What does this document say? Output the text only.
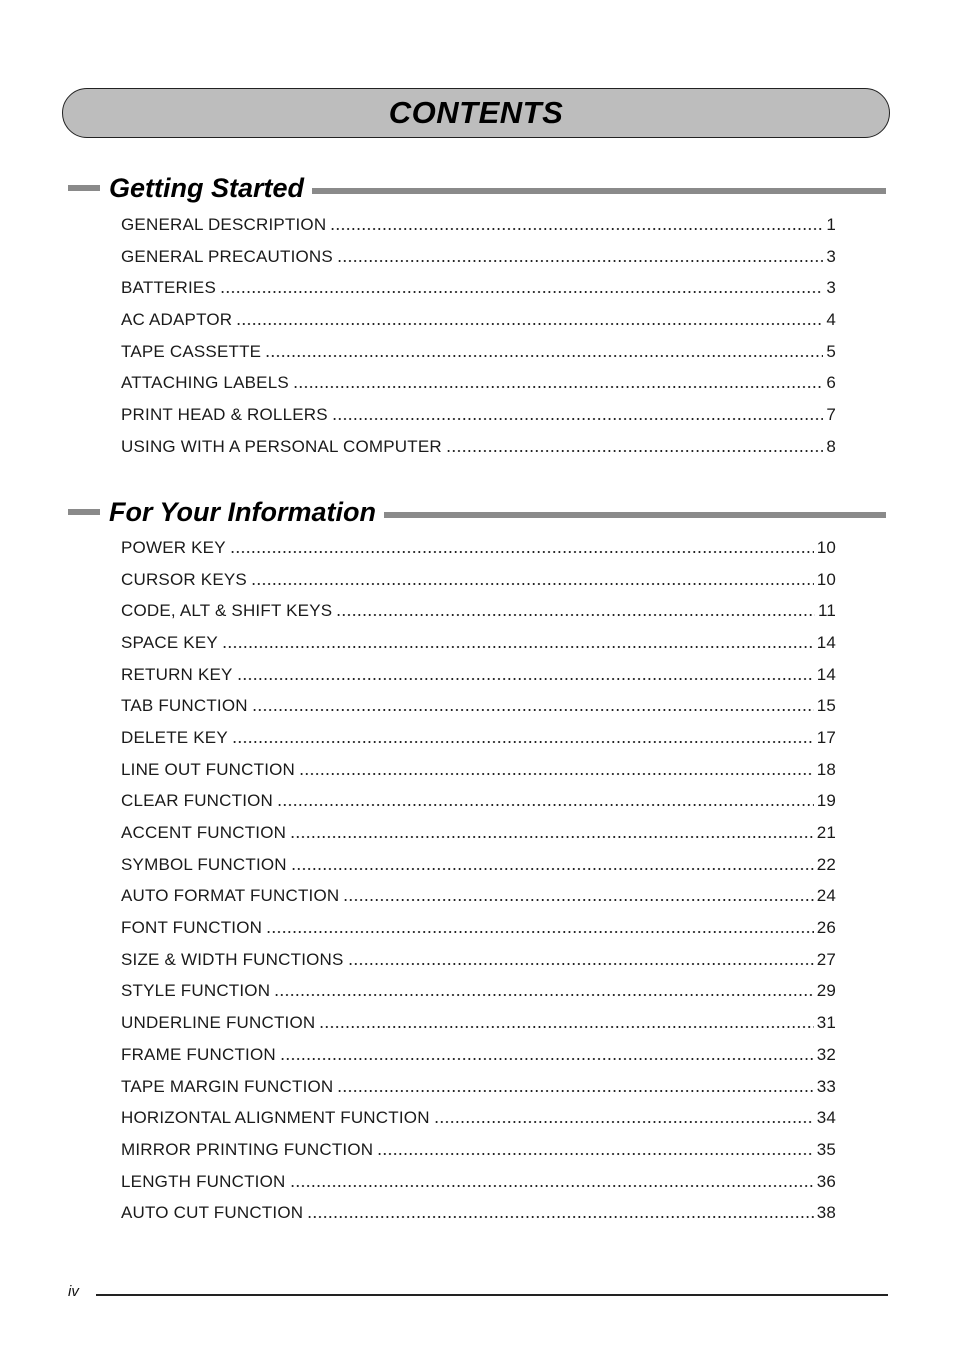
CONTENTS
Getting Started
GENERAL DESCRIPTION	1
GENERAL PRECAUTIONS	3
BATTERIES	3
AC ADAPTOR	4
TAPE CASSETTE	5
ATTACHING LABELS	6
PRINT HEAD & ROLLERS	7
USING WITH A PERSONAL COMPUTER	8
For Your Information
POWER KEY	10
CURSOR KEYS	10
CODE, ALT & SHIFT KEYS	11
SPACE KEY	14
RETURN KEY	14
TAB FUNCTION	15
DELETE KEY	17
LINE OUT FUNCTION	18
CLEAR FUNCTION	19
ACCENT FUNCTION	21
SYMBOL FUNCTION	22
AUTO FORMAT FUNCTION	24
FONT FUNCTION	26
SIZE & WIDTH FUNCTIONS	27
STYLE FUNCTION	29
UNDERLINE FUNCTION	31
FRAME FUNCTION	32
TAPE MARGIN FUNCTION	33
HORIZONTAL ALIGNMENT FUNCTION	34
MIRROR PRINTING FUNCTION	35
LENGTH FUNCTION	36
AUTO CUT FUNCTION	38
iv
